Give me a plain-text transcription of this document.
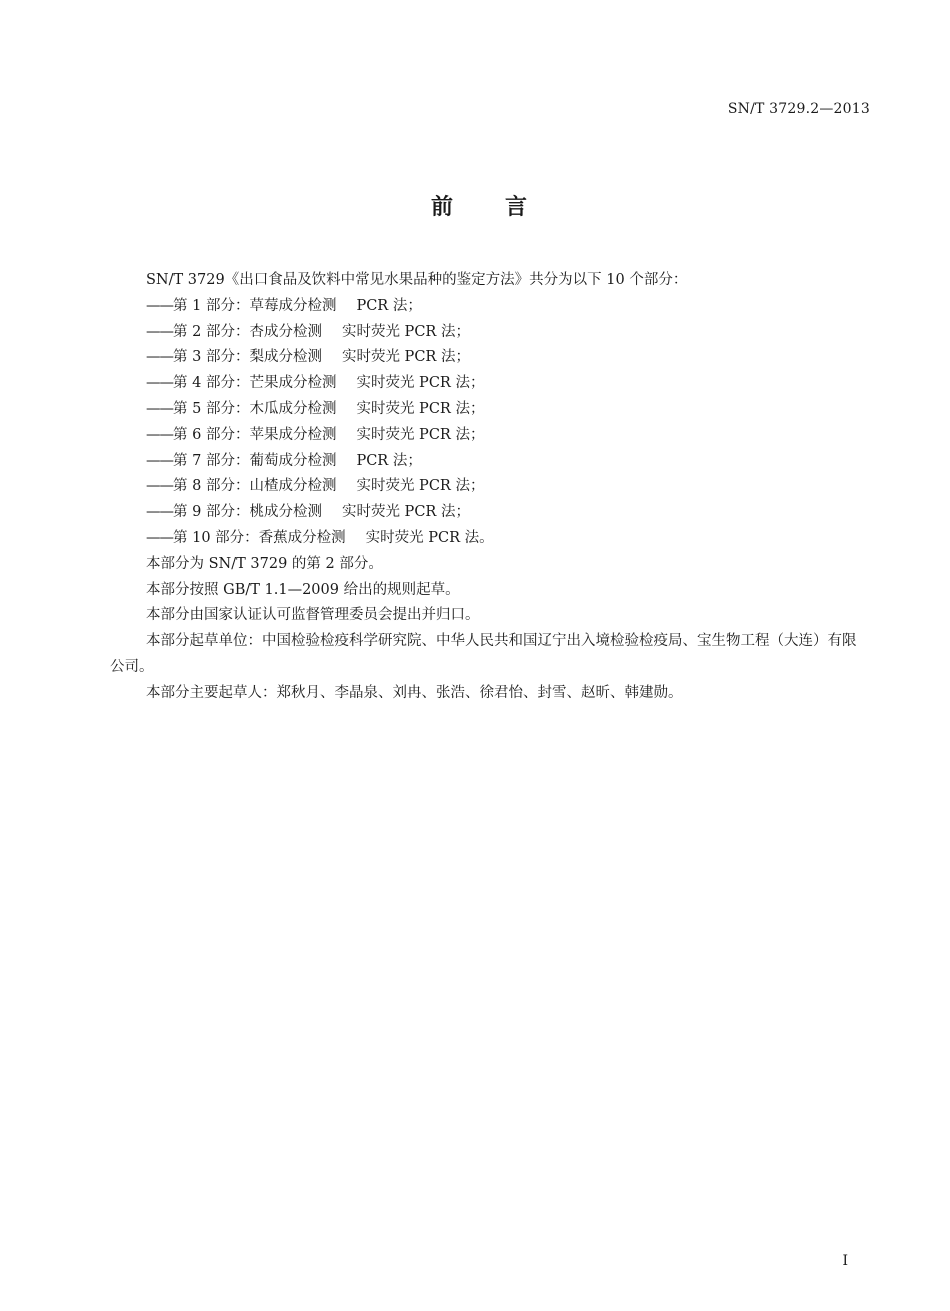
SN/T 3729.2—2013
前言
SN/T 3729《出口食品及饮料中常见水果品种的鉴定方法》共分为以下 10 个部分：
——第 1 部分：草莓成分检测 PCR 法；
——第 2 部分：杏成分检测 实时荧光 PCR 法；
——第 3 部分：梨成分检测 实时荧光 PCR 法；
——第 4 部分：芒果成分检测 实时荧光 PCR 法；
——第 5 部分：木瓜成分检测 实时荧光 PCR 法；
——第 6 部分：苹果成分检测 实时荧光 PCR 法；
——第 7 部分：葡萄成分检测 PCR 法；
——第 8 部分：山楂成分检测 实时荧光 PCR 法；
——第 9 部分：桃成分检测 实时荧光 PCR 法；
——第 10 部分：香蕉成分检测 实时荧光 PCR 法。
本部分为 SN/T 3729 的第 2 部分。
本部分按照 GB/T 1.1—2009 给出的规则起草。
本部分由国家认证认可监督管理委员会提出并归口。
本部分起草单位：中国检验检疫科学研究院、中华人民共和国辽宁出入境检验检疫局、宝生物工程（大连）有限公司。
本部分主要起草人：郑秋月、李晶泉、刘冉、张浩、徐君怡、封雪、赵昕、韩建勋。
I
